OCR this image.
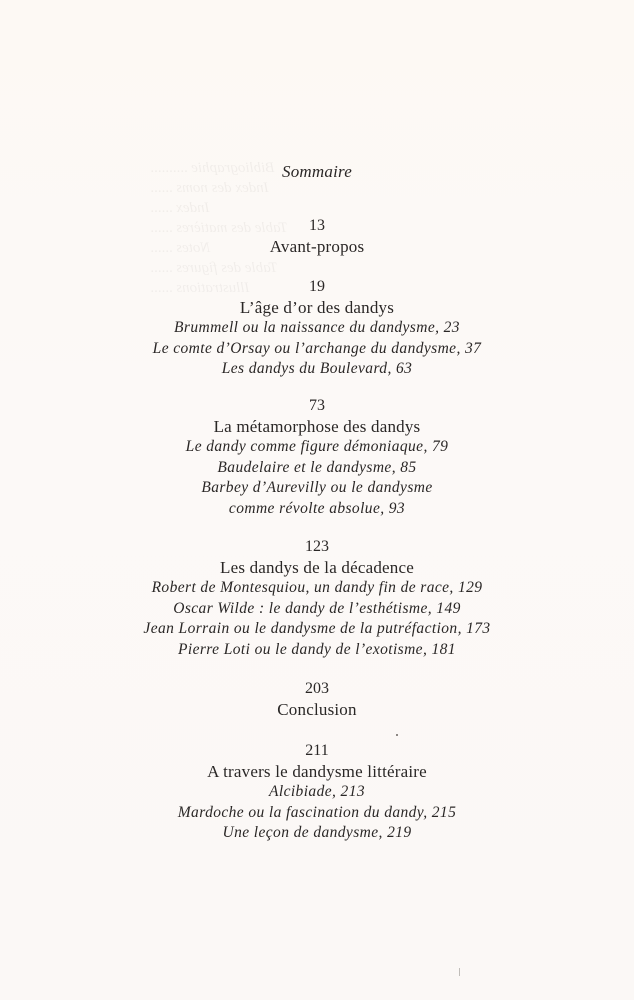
Sommaire
13
Avant-propos
19
L’âge d’or des dandys
Brummell ou la naissance du dandysme, 23
Le comte d’Orsay ou l’archange du dandysme, 37
Les dandys du Boulevard, 63
73
La métamorphose des dandys
Le dandy comme figure démoniaque, 79
Baudelaire et le dandysme, 85
Barbey d’Aurevilly ou le dandysme
comme révolte absolue, 93
123
Les dandys de la décadence
Robert de Montesquiou, un dandy fin de race, 129
Oscar Wilde : le dandy de l’esthétisme, 149
Jean Lorrain ou le dandysme de la putréfaction, 173
Pierre Loti ou le dandy de l’exotisme, 181
203
Conclusion
211
A travers le dandysme littéraire
Alcibiade, 213
Mardoche ou la fascination du dandy, 215
Une leçon de dandysme, 219
